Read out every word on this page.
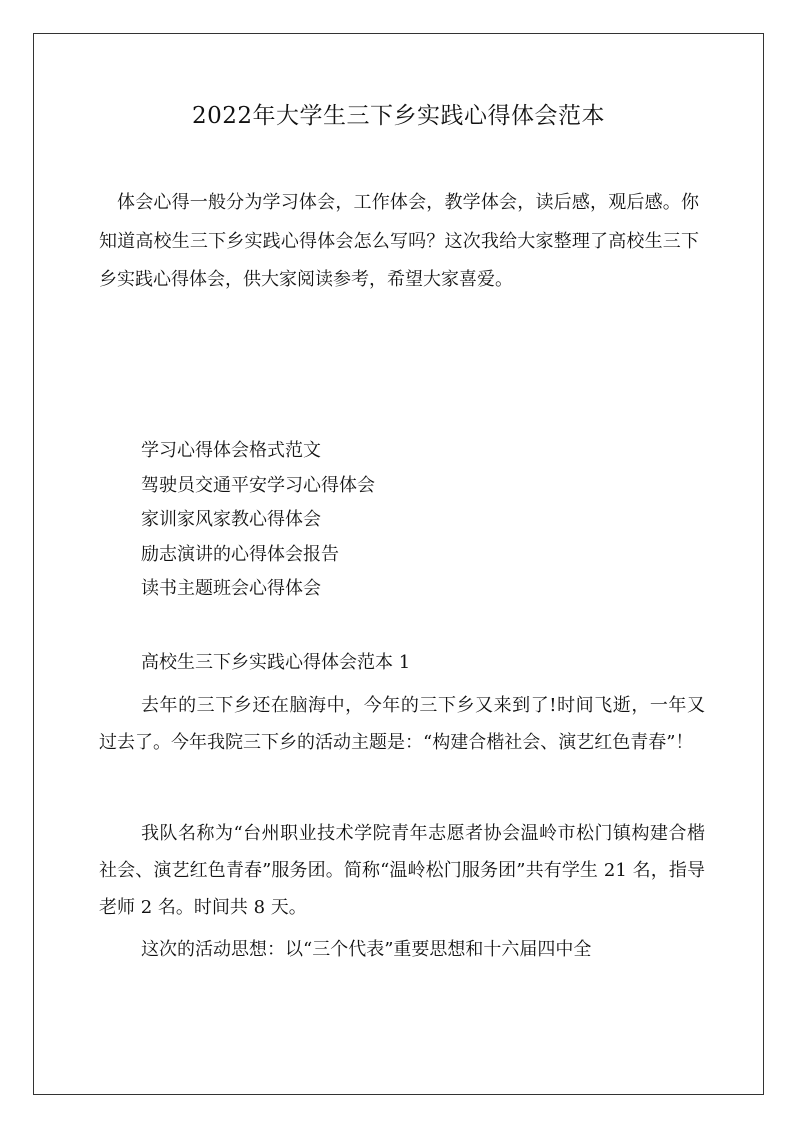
2022年大学生三下乡实践心得体会范本

体会心得一般分为学习体会，工作体会，教学体会，读后感，观后感。你知道高校生三下乡实践心得体会怎么写吗？这次我给大家整理了高校生三下乡实践心得体会，供大家阅读参考，希望大家喜爱。

学习心得体会格式范文
驾驶员交通平安学习心得体会
家训家风家教心得体会
励志演讲的心得体会报告
读书主题班会心得体会
高校生三下乡实践心得体会范本 1

去年的三下乡还在脑海中，今年的三下乡又来到了!时间飞逝，一年又过去了。今年我院三下乡的活动主题是：“构建合楷社会、演艺红色青春”！

我队名称为“台州职业技术学院青年志愿者协会温岭市松门镇构建合楷社会、演艺红色青春”服务团。简称“温岭松门服务团”共有学生 21 名，指导老师 2 名。时间共 8 天。

这次的活动思想：以“三个代表”重要思想和十六届四中全
